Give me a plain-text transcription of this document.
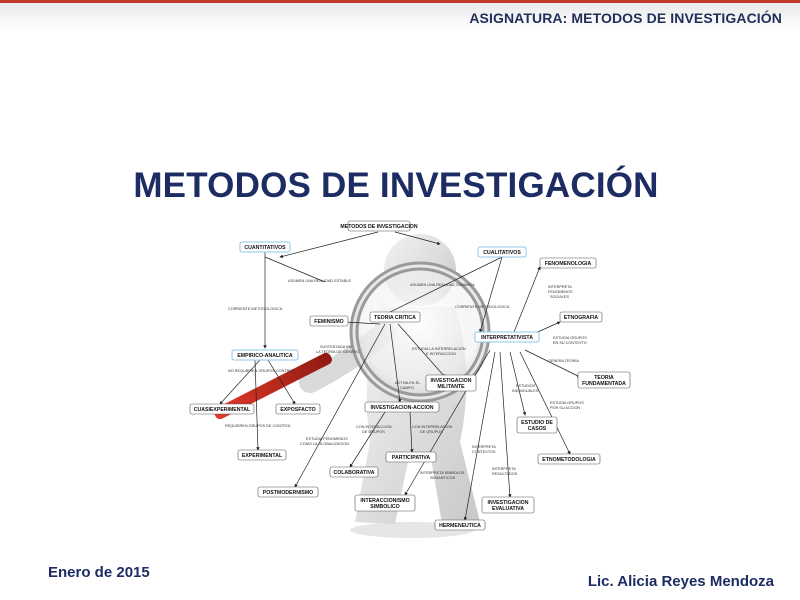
ASIGNATURA: METODOS DE INVESTIGACIÓN
METODOS DE INVESTIGACIÓN
ASUMEN UNA REALIDAD ESTABLE
ASUMEN UNA REALIDAD DINAMICA
CORRIENTE METODOLOGICA	CORRIENTE METODOLOGICA
INTERPRETA
FENOMENOS
SOCIALES
SUSTENTADA EN
LA TEORIA DE GENERO
ESTUDIA LA INTERRELACION
E INTERACCION
ESTUDIA GRUPOS
EN SU CONTEXTO
GENERA TEORIA
NO REQUIEREN GRUPOS CONTROL
REQUIEREN GRUPOS DE CONTROL
ACTIVA EN EL
CAMPO	ESTUDIOS
INDIVIDUALES
ESTUDIA GRUPOS
POR SU ACCION
ESTUDIA FENOMENOS
COMO LA GLOBALIZACION
CON INTERACCION
DE GRUPOS
CON INTERRELACION
DE GRUPOS
INTERPRETA
CONTEXTOS
INTERPRETA SIMBOLOS
SEMANTICOS
INTERPRETA
RESULTADOS
METODOS DE INVESTIGACION
CUANTITATIVOS
CUALITATIVOS
FENOMENOLOGIA
FEMINISMO
TEORIA CRITICA	ETNOGRAFIA
INTERPRETATIVISTA
EMPIRICO-ANALITICA
INVESTIGACION
MILITANTE
TEORIA
FUNDAMENTADA
CUASIEXPERIMENTAL	EXPOSFACTO	INVESTIGACION-ACCION
ESTUDIO DE
CASOS
EXPERIMENTAL
ETNOMETODOLOGIA
COLABORATIVA
PARTICIPATIVA
POSTMODERNISMO
INTERACCIONISMO
SIMBOLICO
INVESTIGACION
EVALUATIVA
HERMENEUTICA
Enero de 2015
Lic. Alicia Reyes Mendoza
